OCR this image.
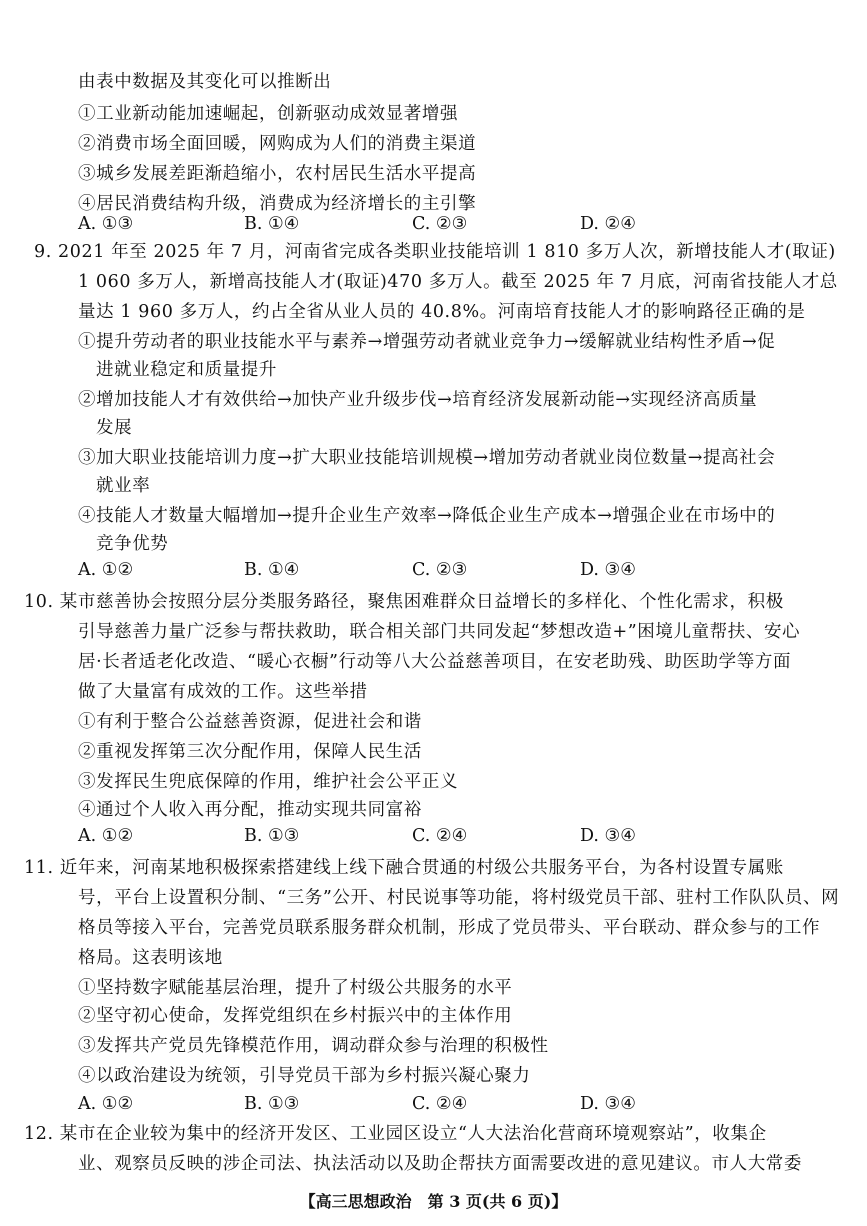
由表中数据及其变化可以推断出
①工业新动能加速崛起，创新驱动成效显著增强
②消费市场全面回暖，网购成为人们的消费主渠道
③城乡发展差距渐趋缩小，农村居民生活水平提高
④居民消费结构升级，消费成为经济增长的主引擎
A. ①③	B. ①④	C. ②③	D. ②④
9. 2021 年至 2025 年 7 月，河南省完成各类职业技能培训 1 810 多万人次，新增技能人才(取证)
1 060 多万人，新增高技能人才(取证)470 多万人。截至 2025 年 7 月底，河南省技能人才总
量达 1 960 多万人，约占全省从业人员的 40.8%。河南培育技能人才的影响路径正确的是
①提升劳动者的职业技能水平与素养→增强劳动者就业竞争力→缓解就业结构性矛盾→促
进就业稳定和质量提升
②增加技能人才有效供给→加快产业升级步伐→培育经济发展新动能→实现经济高质量
发展
③加大职业技能培训力度→扩大职业技能培训规模→增加劳动者就业岗位数量→提高社会
就业率
④技能人才数量大幅增加→提升企业生产效率→降低企业生产成本→增强企业在市场中的
竞争优势
A. ①②	B. ①④	C. ②③	D. ③④
10. 某市慈善协会按照分层分类服务路径，聚焦困难群众日益增长的多样化、个性化需求，积极
引导慈善力量广泛参与帮扶救助，联合相关部门共同发起“梦想改造+”困境儿童帮扶、安心
居·长者适老化改造、“暖心衣橱”行动等八大公益慈善项目，在安老助残、助医助学等方面
做了大量富有成效的工作。这些举措
①有利于整合公益慈善资源，促进社会和谐
②重视发挥第三次分配作用，保障人民生活
③发挥民生兜底保障的作用，维护社会公平正义
④通过个人收入再分配，推动实现共同富裕
A. ①②	B. ①③	C. ②④	D. ③④
11. 近年来，河南某地积极探索搭建线上线下融合贯通的村级公共服务平台，为各村设置专属账
号，平台上设置积分制、“三务”公开、村民说事等功能，将村级党员干部、驻村工作队队员、网
格员等接入平台，完善党员联系服务群众机制，形成了党员带头、平台联动、群众参与的工作
格局。这表明该地
①坚持数字赋能基层治理，提升了村级公共服务的水平
②坚守初心使命，发挥党组织在乡村振兴中的主体作用
③发挥共产党员先锋模范作用，调动群众参与治理的积极性
④以政治建设为统领，引导党员干部为乡村振兴凝心聚力
A. ①②	B. ①③	C. ②④	D. ③④
12. 某市在企业较为集中的经济开发区、工业园区设立“人大法治化营商环境观察站”，收集企
业、观察员反映的涉企司法、执法活动以及助企帮扶方面需要改进的意见建议。市人大常委
【高三思想政治　第 3 页(共 6 页)】
